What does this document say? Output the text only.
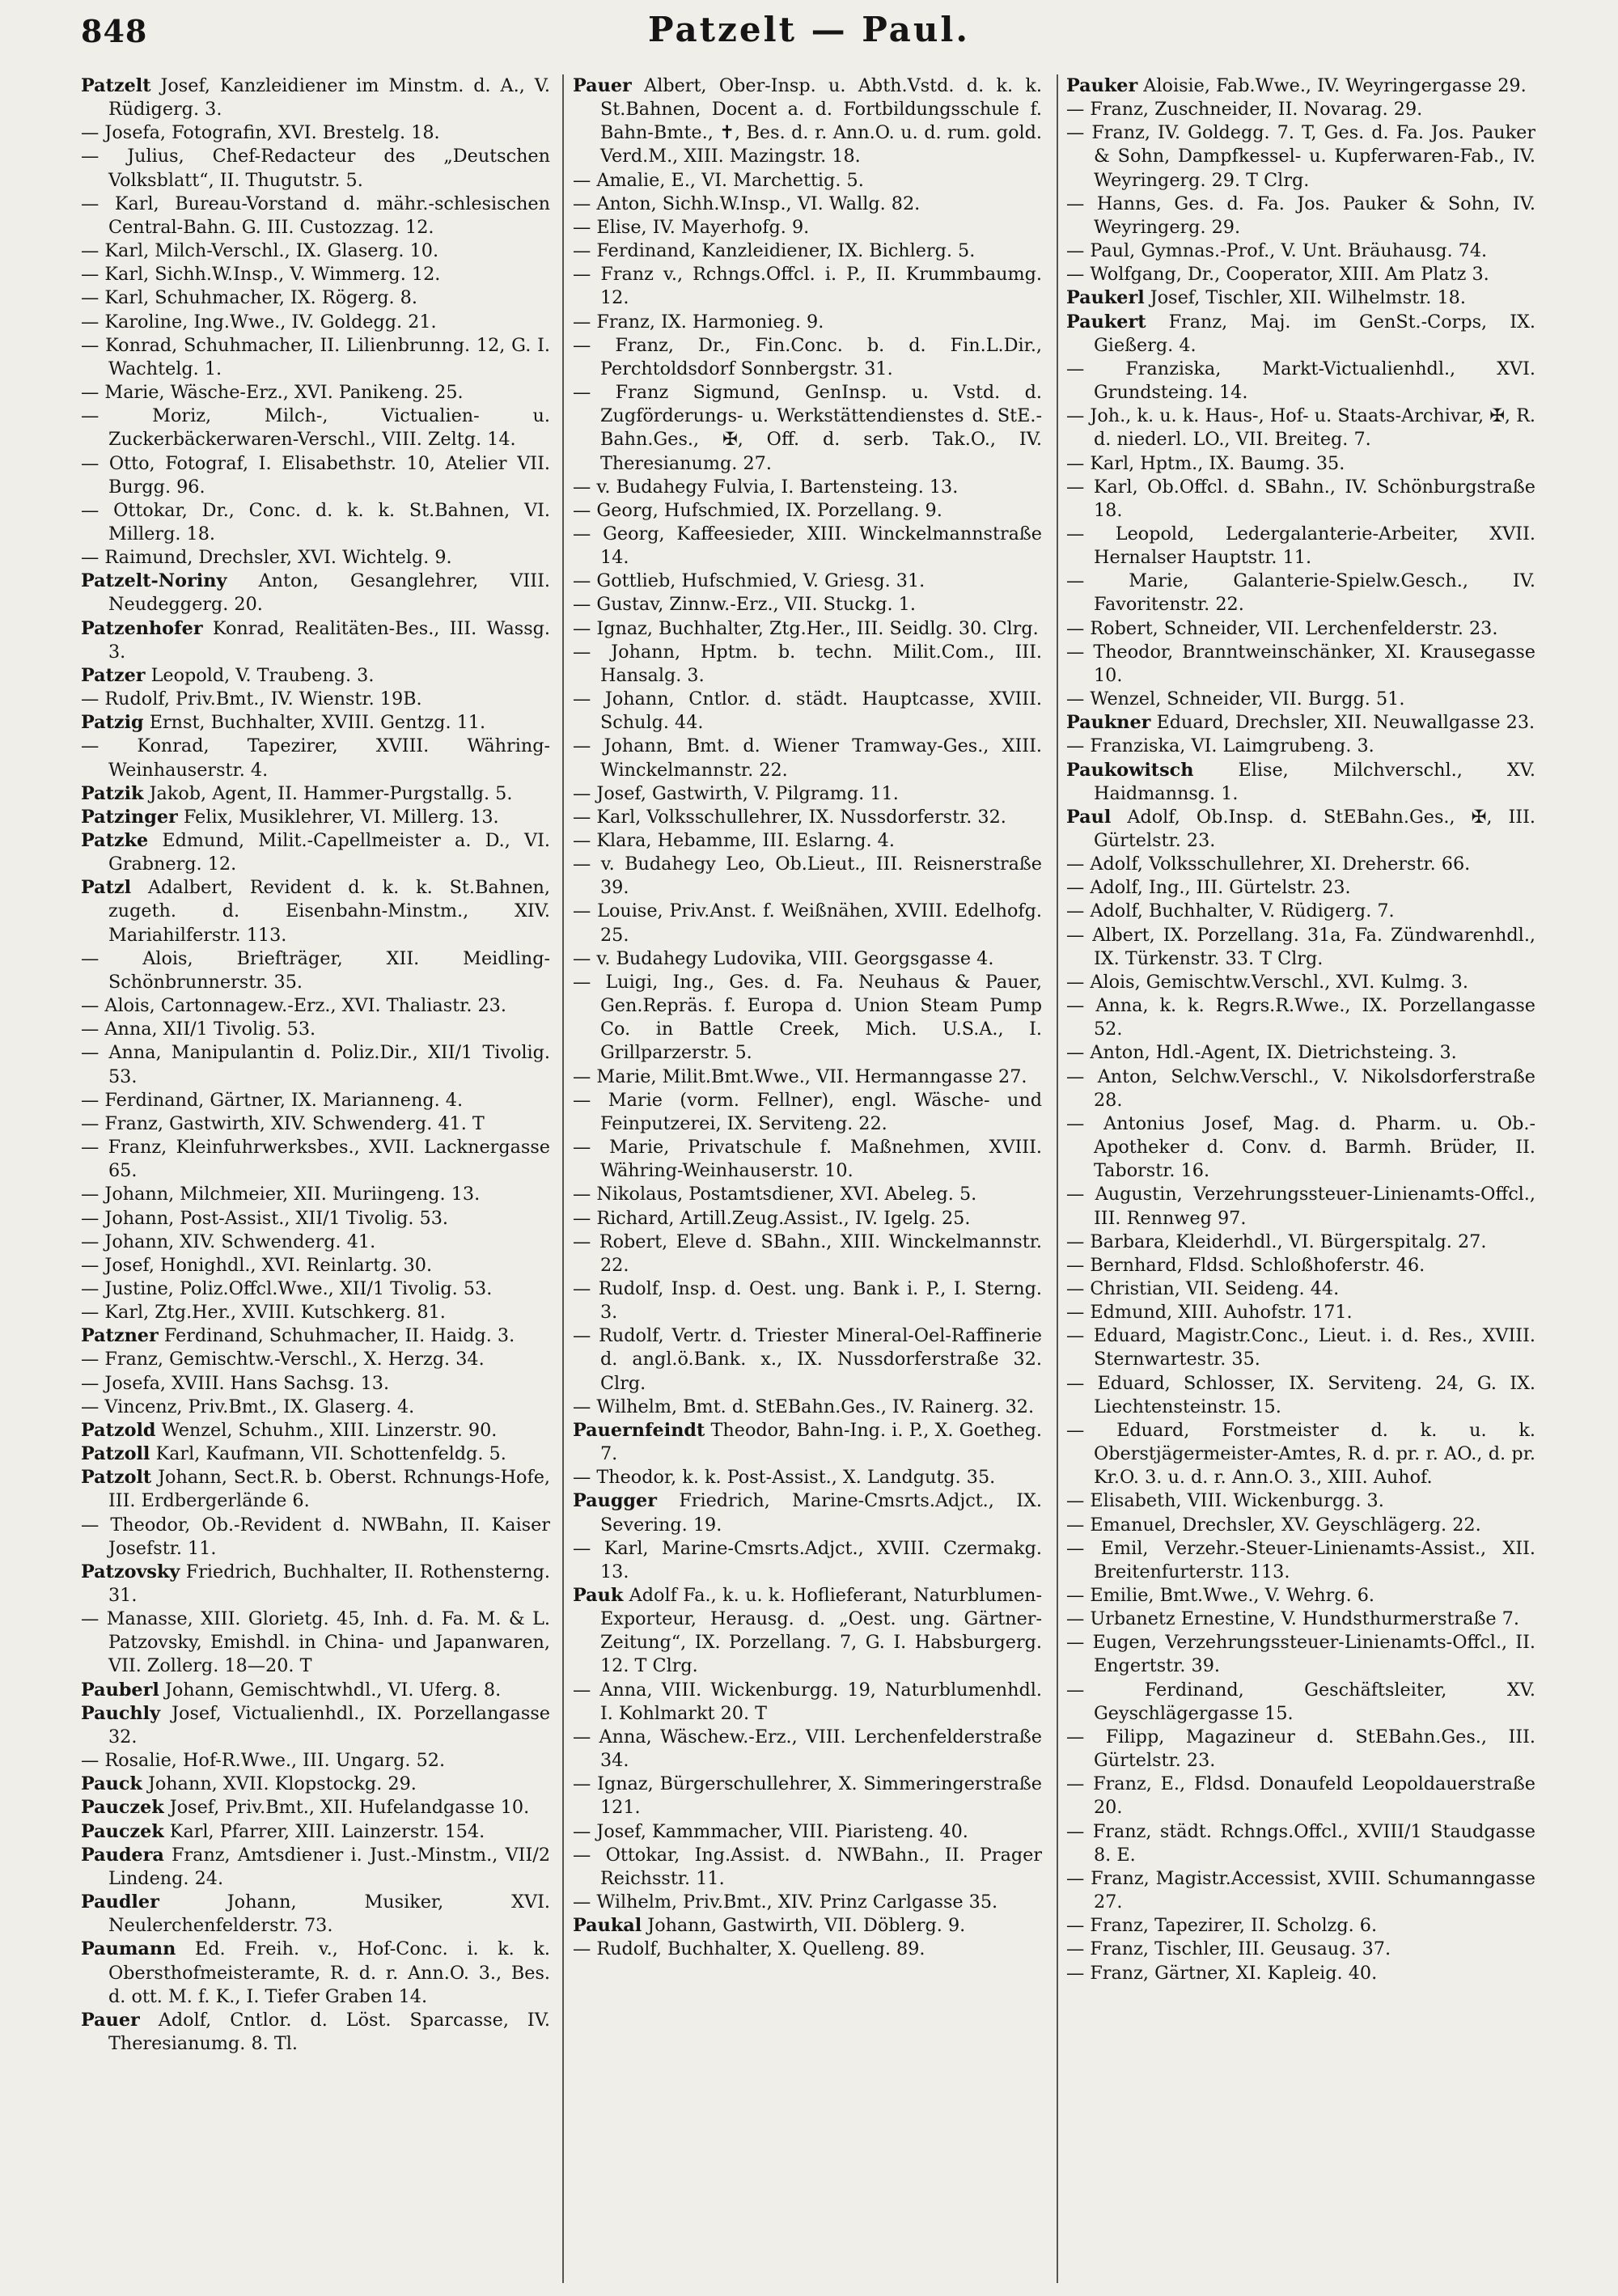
848	Patzelt — Paul.

Patzelt Josef, Kanzleidiener im Minstm. d. A., V. Rüdigerg. 3.

— Josefa, Fotografin, XVI. Brestelg. 18.

— Julius, Chef-Redacteur des „Deutschen Volksblatt“, II. Thugutstr. 5.

— Karl, Bureau-Vorstand d. mähr.-schlesischen Central-Bahn. G. III. Custozzag. 12.

— Karl, Milch-Verschl., IX. Glaserg. 10.

— Karl, Sichh.W.Insp., V. Wimmerg. 12.

— Karl, Schuhmacher, IX. Rögerg. 8.

— Karoline, Ing.Wwe., IV. Goldegg. 21.

— Konrad, Schuhmacher, II. Lilienbrunng. 12, G. I. Wachtelg. 1.

— Marie, Wäsche-Erz., XVI. Panikeng. 25.

— Moriz, Milch-, Victualien- u. Zuckerbäckerwaren-Verschl., VIII. Zeltg. 14.

— Otto, Fotograf, I. Elisabethstr. 10, Atelier VII. Burgg. 96.

— Ottokar, Dr., Conc. d. k. k. St.Bahnen, VI. Millerg. 18.

— Raimund, Drechsler, XVI. Wichtelg. 9.

Patzelt-Noriny Anton, Gesanglehrer, VIII. Neudeggerg. 20.

Patzenhofer Konrad, Realitäten-Bes., III. Wassg. 3.

Patzer Leopold, V. Traubeng. 3.

— Rudolf, Priv.Bmt., IV. Wienstr. 19B.

Patzig Ernst, Buchhalter, XVIII. Gentzg. 11.

— Konrad, Tapezirer, XVIII. Währing-Weinhauserstr. 4.

Patzik Jakob, Agent, II. Hammer-Purgstallg. 5.

Patzinger Felix, Musiklehrer, VI. Millerg. 13.

Patzke Edmund, Milit.-Capellmeister a. D., VI. Grabnerg. 12.

Patzl Adalbert, Revident d. k. k. St.Bahnen, zugeth. d. Eisenbahn-Minstm., XIV. Mariahilferstr. 113.

— Alois, Briefträger, XII. Meidling-Schönbrunnerstr. 35.

— Alois, Cartonnagew.-Erz., XVI. Thaliastr. 23.

— Anna, XII/1 Tivolig. 53.

— Anna, Manipulantin d. Poliz.Dir., XII/1 Tivolig. 53.

— Ferdinand, Gärtner, IX. Marianneng. 4.

— Franz, Gastwirth, XIV. Schwenderg. 41. T

— Franz, Kleinfuhrwerksbes., XVII. Lacknergasse 65.

— Johann, Milchmeier, XII. Muriingeng. 13.

— Johann, Post-Assist., XII/1 Tivolig. 53.

— Johann, XIV. Schwenderg. 41.

— Josef, Honighdl., XVI. Reinlartg. 30.

— Justine, Poliz.Offcl.Wwe., XII/1 Tivolig. 53.

— Karl, Ztg.Her., XVIII. Kutschkerg. 81.

Patzner Ferdinand, Schuhmacher, II. Haidg. 3.

— Franz, Gemischtw.-Verschl., X. Herzg. 34.

— Josefa, XVIII. Hans Sachsg. 13.

— Vincenz, Priv.Bmt., IX. Glaserg. 4.

Patzold Wenzel, Schuhm., XIII. Linzerstr. 90.

Patzoll Karl, Kaufmann, VII. Schottenfeldg. 5.

Patzolt Johann, Sect.R. b. Oberst. Rchnungs-Hofe, III. Erdbergerlände 6.

— Theodor, Ob.-Revident d. NWBahn, II. Kaiser Josefstr. 11.

Patzovsky Friedrich, Buchhalter, II. Rothensterng. 31.

— Manasse, XIII. Glorietg. 45, Inh. d. Fa. M. & L. Patzovsky, Emishdl. in China- und Japanwaren, VII. Zollerg. 18—20. T

Pauberl Johann, Gemischtwhdl., VI. Uferg. 8.

Pauchly Josef, Victualienhdl., IX. Porzellangasse 32.

— Rosalie, Hof-R.Wwe., III. Ungarg. 52.

Pauck Johann, XVII. Klopstockg. 29.

Pauczek Josef, Priv.Bmt., XII. Hufelandgasse 10.

Pauczek Karl, Pfarrer, XIII. Lainzerstr. 154.

Paudera Franz, Amtsdiener i. Just.-Minstm., VII/2 Lindeng. 24.

Paudler Johann, Musiker, XVI. Neulerchenfelderstr. 73.

Paumann Ed. Freih. v., Hof-Conc. i. k. k. Obersthofmeisteramte, R. d. r. Ann.O. 3., Bes. d. ott. M. f. K., I. Tiefer Graben 14.

Pauer Adolf, Cntlor. d. Löst. Sparcasse, IV. Theresianumg. 8. Tl.

Pauer Albert, Ober-Insp. u. Abth.Vstd. d. k. k. St.Bahnen, Docent a. d. Fortbildungsschule f. Bahn-Bmte., ✝, Bes. d. r. Ann.O. u. d. rum. gold. Verd.M., XIII. Mazingstr. 18.

— Amalie, E., VI. Marchettig. 5.

— Anton, Sichh.W.Insp., VI. Wallg. 82.

— Elise, IV. Mayerhofg. 9.

— Ferdinand, Kanzleidiener, IX. Bichlerg. 5.

— Franz v., Rchngs.Offcl. i. P., II. Krummbaumg. 12.

— Franz, IX. Harmonieg. 9.

— Franz, Dr., Fin.Conc. b. d. Fin.L.Dir., Perchtoldsdorf Sonnbergstr. 31.

— Franz Sigmund, GenInsp. u. Vstd. d. Zugförderungs- u. Werkstättendienstes d. StE.-Bahn.Ges., ✠, Off. d. serb. Tak.O., IV. Theresianumg. 27.

— v. Budahegy Fulvia, I. Bartensteing. 13.

— Georg, Hufschmied, IX. Porzellang. 9.

— Georg, Kaffeesieder, XIII. Winckelmannstraße 14.

— Gottlieb, Hufschmied, V. Griesg. 31.

— Gustav, Zinnw.-Erz., VII. Stuckg. 1.

— Ignaz, Buchhalter, Ztg.Her., III. Seidlg. 30. Clrg.

— Johann, Hptm. b. techn. Milit.Com., III. Hansalg. 3.

— Johann, Cntlor. d. städt. Hauptcasse, XVIII. Schulg. 44.

— Johann, Bmt. d. Wiener Tramway-Ges., XIII. Winckelmannstr. 22.

— Josef, Gastwirth, V. Pilgramg. 11.

— Karl, Volksschullehrer, IX. Nussdorferstr. 32.

— Klara, Hebamme, III. Eslarng. 4.

— v. Budahegy Leo, Ob.Lieut., III. Reisnerstraße 39.

— Louise, Priv.Anst. f. Weißnähen, XVIII. Edelhofg. 25.

— v. Budahegy Ludovika, VIII. Georgsgasse 4.

— Luigi, Ing., Ges. d. Fa. Neuhaus & Pauer, Gen.Repräs. f. Europa d. Union Steam Pump Co. in Battle Creek, Mich. U.S.A., I. Grillparzerstr. 5.

— Marie, Milit.Bmt.Wwe., VII. Hermanngasse 27.

— Marie (vorm. Fellner), engl. Wäsche- und Feinputzerei, IX. Serviteng. 22.

— Marie, Privatschule f. Maßnehmen, XVIII. Währing-Weinhauserstr. 10.

— Nikolaus, Postamtsdiener, XVI. Abeleg. 5.

— Richard, Artill.Zeug.Assist., IV. Igelg. 25.

— Robert, Eleve d. SBahn., XIII. Winckelmannstr. 22.

— Rudolf, Insp. d. Oest. ung. Bank i. P., I. Sterng. 3.

— Rudolf, Vertr. d. Triester Mineral-Oel-Raffinerie d. angl.ö.Bank. x., IX. Nussdorferstraße 32. Clrg.

— Wilhelm, Bmt. d. StEBahn.Ges., IV. Rainerg. 32.

Pauernfeindt Theodor, Bahn-Ing. i. P., X. Goetheg. 7.

— Theodor, k. k. Post-Assist., X. Landgutg. 35.

Paugger Friedrich, Marine-Cmsrts.Adjct., IX. Severing. 19.

— Karl, Marine-Cmsrts.Adjct., XVIII. Czermakg. 13.

Pauk Adolf Fa., k. u. k. Hoflieferant, Naturblumen-Exporteur, Herausg. d. „Oest. ung. Gärtner-Zeitung“, IX. Porzellang. 7, G. I. Habsburgerg. 12. T Clrg.

— Anna, VIII. Wickenburgg. 19, Naturblumenhdl. I. Kohlmarkt 20. T

— Anna, Wäschew.-Erz., VIII. Lerchenfelderstraße 34.

— Ignaz, Bürgerschullehrer, X. Simmeringerstraße 121.

— Josef, Kammmacher, VIII. Piaristeng. 40.

— Ottokar, Ing.Assist. d. NWBahn., II. Prager Reichsstr. 11.

— Wilhelm, Priv.Bmt., XIV. Prinz Carlgasse 35.

Paukal Johann, Gastwirth, VII. Döblerg. 9.

— Rudolf, Buchhalter, X. Quelleng. 89.

Pauker Aloisie, Fab.Wwe., IV. Weyringergasse 29.

— Franz, Zuschneider, II. Novarag. 29.

— Franz, IV. Goldegg. 7. T, Ges. d. Fa. Jos. Pauker & Sohn, Dampfkessel- u. Kupferwaren-Fab., IV. Weyringerg. 29. T Clrg.

— Hanns, Ges. d. Fa. Jos. Pauker & Sohn, IV. Weyringerg. 29.

— Paul, Gymnas.-Prof., V. Unt. Bräuhausg. 74.

— Wolfgang, Dr., Cooperator, XIII. Am Platz 3.

Paukerl Josef, Tischler, XII. Wilhelmstr. 18.

Paukert Franz, Maj. im GenSt.-Corps, IX. Gießerg. 4.

— Franziska, Markt-Victualienhdl., XVI. Grundsteing. 14.

— Joh., k. u. k. Haus-, Hof- u. Staats-Archivar, ✠, R. d. niederl. LO., VII. Breiteg. 7.

— Karl, Hptm., IX. Baumg. 35.

— Karl, Ob.Offcl. d. SBahn., IV. Schönburgstraße 18.

— Leopold, Ledergalanterie-Arbeiter, XVII. Hernalser Hauptstr. 11.

— Marie, Galanterie-Spielw.Gesch., IV. Favoritenstr. 22.

— Robert, Schneider, VII. Lerchenfelderstr. 23.

— Theodor, Branntweinschänker, XI. Krausegasse 10.

— Wenzel, Schneider, VII. Burgg. 51.

Paukner Eduard, Drechsler, XII. Neuwallgasse 23.

— Franziska, VI. Laimgrubeng. 3.

Paukowitsch Elise, Milchverschl., XV. Haidmannsg. 1.

Paul Adolf, Ob.Insp. d. StEBahn.Ges., ✠, III. Gürtelstr. 23.

— Adolf, Volksschullehrer, XI. Dreherstr. 66.

— Adolf, Ing., III. Gürtelstr. 23.

— Adolf, Buchhalter, V. Rüdigerg. 7.

— Albert, IX. Porzellang. 31a, Fa. Zündwarenhdl., IX. Türkenstr. 33. T Clrg.

— Alois, Gemischtw.Verschl., XVI. Kulmg. 3.

— Anna, k. k. Regrs.R.Wwe., IX. Porzellangasse 52.

— Anton, Hdl.-Agent, IX. Dietrichsteing. 3.

— Anton, Selchw.Verschl., V. Nikolsdorferstraße 28.

— Antonius Josef, Mag. d. Pharm. u. Ob.-Apotheker d. Conv. d. Barmh. Brüder, II. Taborstr. 16.

— Augustin, Verzehrungssteuer-Linienamts-Offcl., III. Rennweg 97.

— Barbara, Kleiderhdl., VI. Bürgerspitalg. 27.

— Bernhard, Fldsd. Schloßhoferstr. 46.

— Christian, VII. Seideng. 44.

— Edmund, XIII. Auhofstr. 171.

— Eduard, Magistr.Conc., Lieut. i. d. Res., XVIII. Sternwartestr. 35.

— Eduard, Schlosser, IX. Serviteng. 24, G. IX. Liechtensteinstr. 15.

— Eduard, Forstmeister d. k. u. k. Oberstjägermeister-Amtes, R. d. pr. r. AO., d. pr. Kr.O. 3. u. d. r. Ann.O. 3., XIII. Auhof.

— Elisabeth, VIII. Wickenburgg. 3.

— Emanuel, Drechsler, XV. Geyschlägerg. 22.

— Emil, Verzehr.-Steuer-Linienamts-Assist., XII. Breitenfurterstr. 113.

— Emilie, Bmt.Wwe., V. Wehrg. 6.

— Urbanetz Ernestine, V. Hundsthurmerstraße 7.

— Eugen, Verzehrungssteuer-Linienamts-Offcl., II. Engertstr. 39.

— Ferdinand, Geschäftsleiter, XV. Geyschlägergasse 15.

— Filipp, Magazineur d. StEBahn.Ges., III. Gürtelstr. 23.

— Franz, E., Fldsd. Donaufeld Leopoldauerstraße 20.

— Franz, städt. Rchngs.Offcl., XVIII/1 Staudgasse 8. E.

— Franz, Magistr.Accessist, XVIII. Schumanngasse 27.

— Franz, Tapezirer, II. Scholzg. 6.

— Franz, Tischler, III. Geusaug. 37.

— Franz, Gärtner, XI. Kapleig. 40.
